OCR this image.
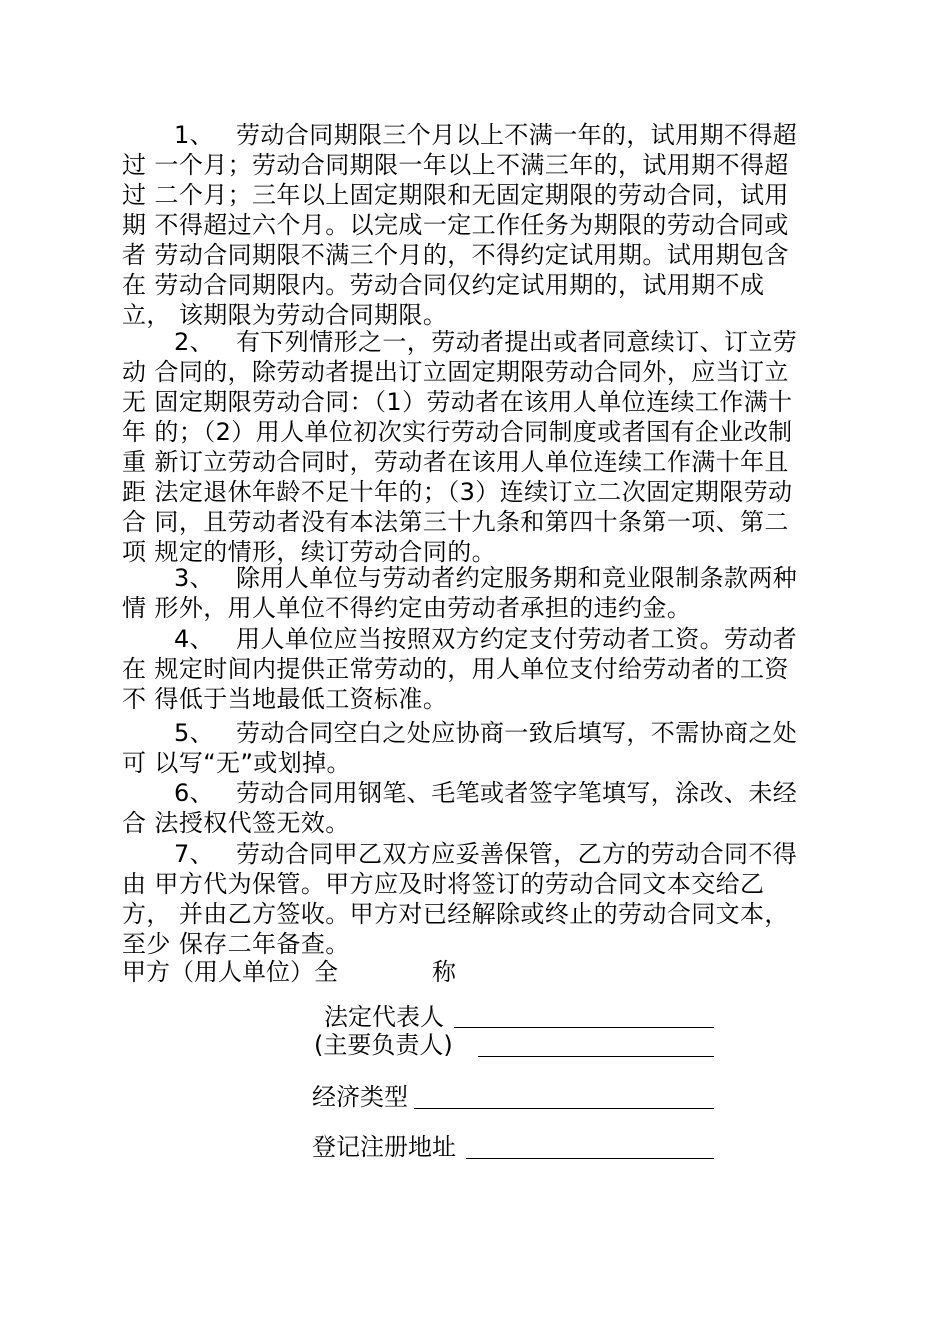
1、 劳动合同期限三个月以上不满一年的，试用期不得超
过 一个月；劳动合同期限一年以上不满三年的，试用期不得超
过 二个月；三年以上固定期限和无固定期限的劳动合同，试用
期 不得超过六个月。以完成一定工作任务为期限的劳动合同或
者 劳动合同期限不满三个月的，不得约定试用期。试用期包含
在 劳动合同期限内。劳动合同仅约定试用期的，试用期不成
立， 该期限为劳动合同期限。
2、 有下列情形之一，劳动者提出或者同意续订、订立劳
动 合同的，除劳动者提出订立固定期限劳动合同外，应当订立
无 固定期限劳动合同：（1）劳动者在该用人单位连续工作满十
年 的；（2）用人单位初次实行劳动合同制度或者国有企业改制
重 新订立劳动合同时，劳动者在该用人单位连续工作满十年且
距 法定退休年龄不足十年的；（3）连续订立二次固定期限劳动
合 同，且劳动者没有本法第三十九条和第四十条第一项、第二
项 规定的情形，续订劳动合同的。
3、 除用人单位与劳动者约定服务期和竞业限制条款两种
情 形外，用人单位不得约定由劳动者承担的违约金。
4、 用人单位应当按照双方约定支付劳动者工资。劳动者
在 规定时间内提供正常劳动的，用人单位支付给劳动者的工资
不 得低于当地最低工资标准。
5、 劳动合同空白之处应协商一致后填写，不需协商之处
可 以写“无”或划掉。
6、 劳动合同用钢笔、毛笔或者签字笔填写，涂改、未经
合 法授权代签无效。
7、 劳动合同甲乙双方应妥善保管，乙方的劳动合同不得
由 甲方代为保管。甲方应及时将签订的劳动合同文本交给乙
方， 并由乙方签收。甲方对已经解除或终止的劳动合同文本，
至少 保存二年备查。
甲方（用人单位）全	称
法定代表人
(主要负责人)
经济类型
登记注册地址
